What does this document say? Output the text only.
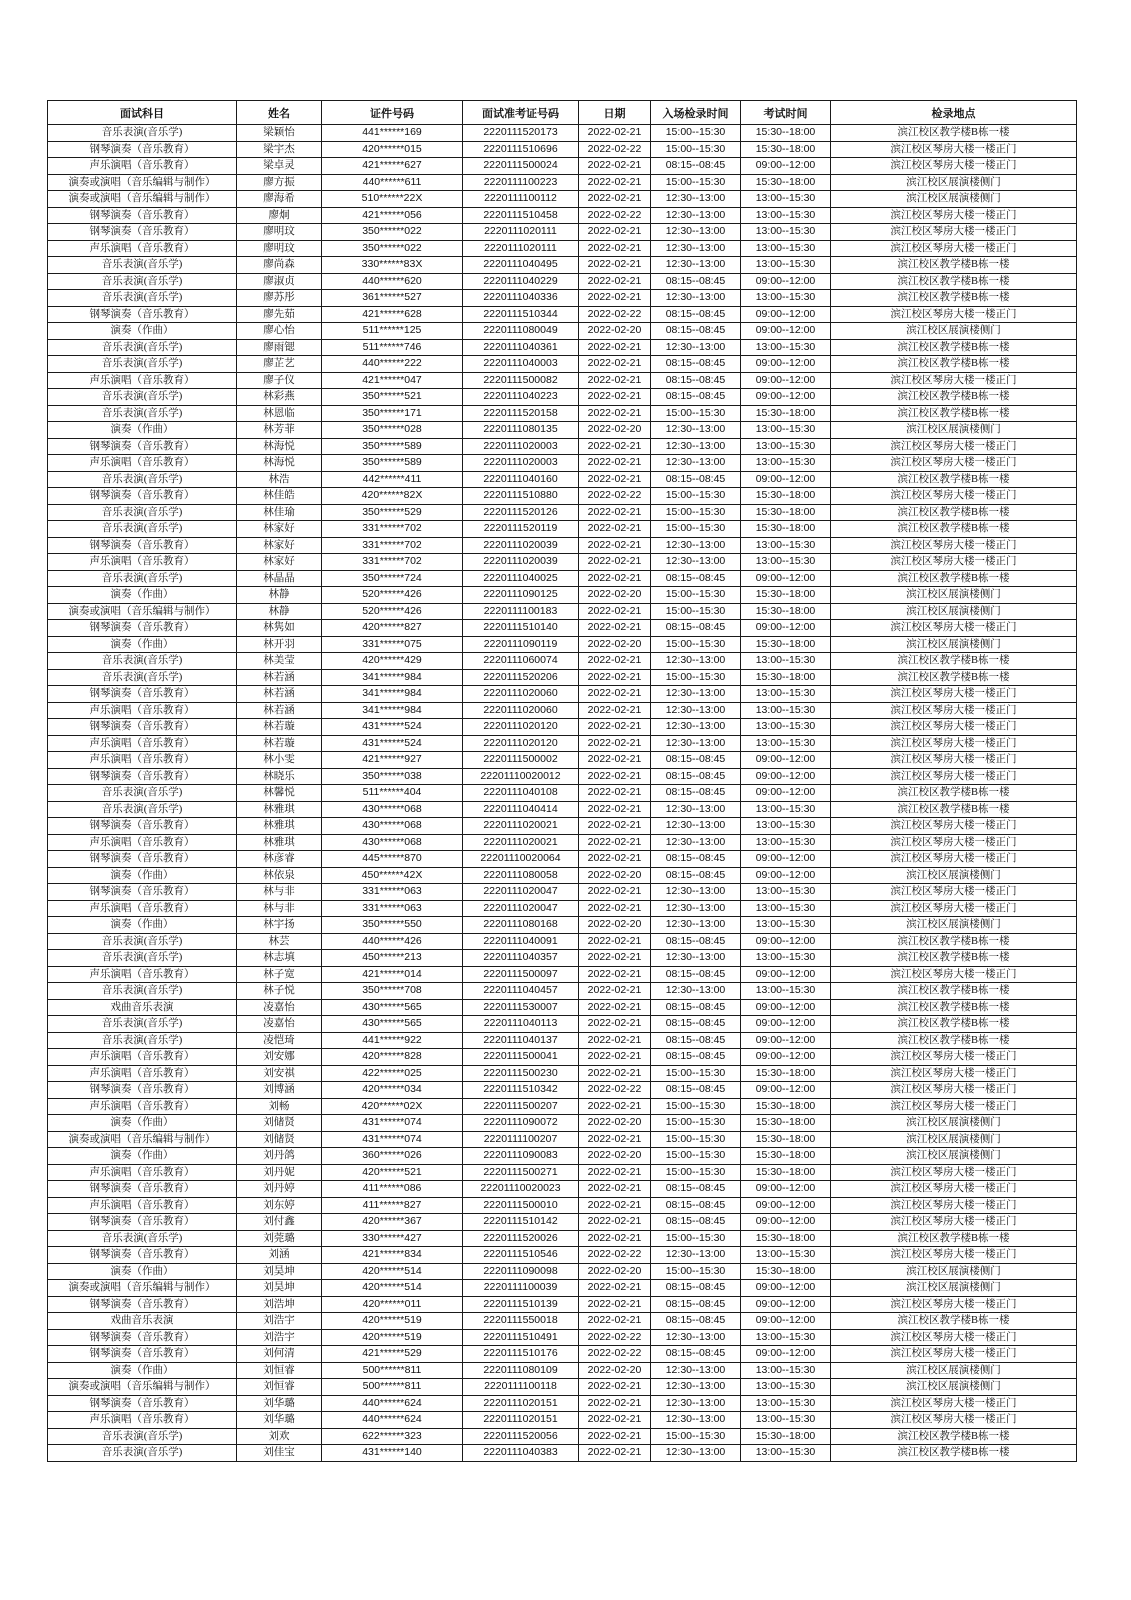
面试科目	姓名	证件号码	面试准考证号码	日期	入场检录时间	考试时间	检录地点
音乐表演(音乐学)	梁颖怡	441******169	2220111520173	2022-02-21	15:00--15:30	15:30--18:00	滨江校区教学楼B栋一楼
钢琴演奏（音乐教育）	梁宇杰	420******015	2220111510696	2022-02-22	15:00--15:30	15:30--18:00	滨江校区琴房大楼一楼正门
声乐演唱（音乐教育）	梁卓灵	421******627	2220111500024	2022-02-21	08:15--08:45	09:00--12:00	滨江校区琴房大楼一楼正门
演奏或演唱（音乐编辑与制作）	廖方振	440******611	2220111100223	2022-02-21	15:00--15:30	15:30--18:00	滨江校区展演楼侧门
演奏或演唱（音乐编辑与制作）	廖海希	510******22X	2220111100112	2022-02-21	12:30--13:00	13:00--15:30	滨江校区展演楼侧门
钢琴演奏（音乐教育）	廖炯	421******056	2220111510458	2022-02-22	12:30--13:00	13:00--15:30	滨江校区琴房大楼一楼正门
钢琴演奏（音乐教育）	廖明玟	350******022	2220111020111	2022-02-21	12:30--13:00	13:00--15:30	滨江校区琴房大楼一楼正门
声乐演唱（音乐教育）	廖明玟	350******022	2220111020111	2022-02-21	12:30--13:00	13:00--15:30	滨江校区琴房大楼一楼正门
音乐表演(音乐学)	廖尚森	330******83X	2220111040495	2022-02-21	12:30--13:00	13:00--15:30	滨江校区教学楼B栋一楼
音乐表演(音乐学)	廖淑贞	440******620	2220111040229	2022-02-21	08:15--08:45	09:00--12:00	滨江校区教学楼B栋一楼
音乐表演(音乐学)	廖苏彤	361******527	2220111040336	2022-02-21	12:30--13:00	13:00--15:30	滨江校区教学楼B栋一楼
钢琴演奏（音乐教育）	廖先茹	421******628	2220111510344	2022-02-22	08:15--08:45	09:00--12:00	滨江校区琴房大楼一楼正门
演奏（作曲）	廖心怡	511******125	2220111080049	2022-02-20	08:15--08:45	09:00--12:00	滨江校区展演楼侧门
音乐表演(音乐学)	廖雨锶	511******746	2220111040361	2022-02-21	12:30--13:00	13:00--15:30	滨江校区教学楼B栋一楼
音乐表演(音乐学)	廖芷艺	440******222	2220111040003	2022-02-21	08:15--08:45	09:00--12:00	滨江校区教学楼B栋一楼
声乐演唱（音乐教育）	廖子仪	421******047	2220111500082	2022-02-21	08:15--08:45	09:00--12:00	滨江校区琴房大楼一楼正门
音乐表演(音乐学)	林彩燕	350******521	2220111040223	2022-02-21	08:15--08:45	09:00--12:00	滨江校区教学楼B栋一楼
音乐表演(音乐学)	林恩临	350******171	2220111520158	2022-02-21	15:00--15:30	15:30--18:00	滨江校区教学楼B栋一楼
演奏（作曲）	林芳菲	350******028	2220111080135	2022-02-20	12:30--13:00	13:00--15:30	滨江校区展演楼侧门
钢琴演奏（音乐教育）	林海悦	350******589	2220111020003	2022-02-21	12:30--13:00	13:00--15:30	滨江校区琴房大楼一楼正门
声乐演唱（音乐教育）	林海悦	350******589	2220111020003	2022-02-21	12:30--13:00	13:00--15:30	滨江校区琴房大楼一楼正门
音乐表演(音乐学)	林浩	442******411	2220111040160	2022-02-21	08:15--08:45	09:00--12:00	滨江校区教学楼B栋一楼
钢琴演奏（音乐教育）	林佳皓	420******82X	2220111510880	2022-02-22	15:00--15:30	15:30--18:00	滨江校区琴房大楼一楼正门
音乐表演(音乐学)	林佳瑜	350******529	2220111520126	2022-02-21	15:00--15:30	15:30--18:00	滨江校区教学楼B栋一楼
音乐表演(音乐学)	林家好	331******702	2220111520119	2022-02-21	15:00--15:30	15:30--18:00	滨江校区教学楼B栋一楼
钢琴演奏（音乐教育）	林家好	331******702	2220111020039	2022-02-21	12:30--13:00	13:00--15:30	滨江校区琴房大楼一楼正门
声乐演唱（音乐教育）	林家好	331******702	2220111020039	2022-02-21	12:30--13:00	13:00--15:30	滨江校区琴房大楼一楼正门
音乐表演(音乐学)	林晶晶	350******724	2220111040025	2022-02-21	08:15--08:45	09:00--12:00	滨江校区教学楼B栋一楼
演奏（作曲）	林静	520******426	2220111090125	2022-02-20	15:00--15:30	15:30--18:00	滨江校区展演楼侧门
演奏或演唱（音乐编辑与制作）	林静	520******426	2220111100183	2022-02-21	15:00--15:30	15:30--18:00	滨江校区展演楼侧门
钢琴演奏（音乐教育）	林隽如	420******827	2220111510140	2022-02-21	08:15--08:45	09:00--12:00	滨江校区琴房大楼一楼正门
演奏（作曲）	林开羽	331******075	2220111090119	2022-02-20	15:00--15:30	15:30--18:00	滨江校区展演楼侧门
音乐表演(音乐学)	林美莹	420******429	2220111060074	2022-02-21	12:30--13:00	13:00--15:30	滨江校区教学楼B栋一楼
音乐表演(音乐学)	林若涵	341******984	2220111520206	2022-02-21	15:00--15:30	15:30--18:00	滨江校区教学楼B栋一楼
钢琴演奏（音乐教育）	林若涵	341******984	2220111020060	2022-02-21	12:30--13:00	13:00--15:30	滨江校区琴房大楼一楼正门
声乐演唱（音乐教育）	林若涵	341******984	2220111020060	2022-02-21	12:30--13:00	13:00--15:30	滨江校区琴房大楼一楼正门
钢琴演奏（音乐教育）	林若璇	431******524	2220111020120	2022-02-21	12:30--13:00	13:00--15:30	滨江校区琴房大楼一楼正门
声乐演唱（音乐教育）	林若璇	431******524	2220111020120	2022-02-21	12:30--13:00	13:00--15:30	滨江校区琴房大楼一楼正门
声乐演唱（音乐教育）	林小雯	421******927	2220111500002	2022-02-21	08:15--08:45	09:00--12:00	滨江校区琴房大楼一楼正门
钢琴演奏（音乐教育）	林晓乐	350******038	22201110020012	2022-02-21	08:15--08:45	09:00--12:00	滨江校区琴房大楼一楼正门
音乐表演(音乐学)	林馨悦	511******404	2220111040108	2022-02-21	08:15--08:45	09:00--12:00	滨江校区教学楼B栋一楼
音乐表演(音乐学)	林雅琪	430******068	2220111040414	2022-02-21	12:30--13:00	13:00--15:30	滨江校区教学楼B栋一楼
钢琴演奏（音乐教育）	林雅琪	430******068	2220111020021	2022-02-21	12:30--13:00	13:00--15:30	滨江校区琴房大楼一楼正门
声乐演唱（音乐教育）	林雅琪	430******068	2220111020021	2022-02-21	12:30--13:00	13:00--15:30	滨江校区琴房大楼一楼正门
钢琴演奏（音乐教育）	林彦睿	445******870	22201110020064	2022-02-21	08:15--08:45	09:00--12:00	滨江校区琴房大楼一楼正门
演奏（作曲）	林依泉	450******42X	2220111080058	2022-02-20	08:15--08:45	09:00--12:00	滨江校区展演楼侧门
钢琴演奏（音乐教育）	林与非	331******063	2220111020047	2022-02-21	12:30--13:00	13:00--15:30	滨江校区琴房大楼一楼正门
声乐演唱（音乐教育）	林与非	331******063	2220111020047	2022-02-21	12:30--13:00	13:00--15:30	滨江校区琴房大楼一楼正门
演奏（作曲）	林宇扬	350******550	2220111080168	2022-02-20	12:30--13:00	13:00--15:30	滨江校区展演楼侧门
音乐表演(音乐学)	林芸	440******426	2220111040091	2022-02-21	08:15--08:45	09:00--12:00	滨江校区教学楼B栋一楼
音乐表演(音乐学)	林志填	450******213	2220111040357	2022-02-21	12:30--13:00	13:00--15:30	滨江校区教学楼B栋一楼
声乐演唱（音乐教育）	林子宽	421******014	2220111500097	2022-02-21	08:15--08:45	09:00--12:00	滨江校区琴房大楼一楼正门
音乐表演(音乐学)	林子悦	350******708	2220111040457	2022-02-21	12:30--13:00	13:00--15:30	滨江校区教学楼B栋一楼
戏曲音乐表演	凌嘉怡	430******565	2220111530007	2022-02-21	08:15--08:45	09:00--12:00	滨江校区教学楼B栋一楼
音乐表演(音乐学)	凌嘉怡	430******565	2220111040113	2022-02-21	08:15--08:45	09:00--12:00	滨江校区教学楼B栋一楼
音乐表演(音乐学)	凌恺琦	441******922	2220111040137	2022-02-21	08:15--08:45	09:00--12:00	滨江校区教学楼B栋一楼
声乐演唱（音乐教育）	刘安娜	420******828	2220111500041	2022-02-21	08:15--08:45	09:00--12:00	滨江校区琴房大楼一楼正门
声乐演唱（音乐教育）	刘安祺	422******025	2220111500230	2022-02-21	15:00--15:30	15:30--18:00	滨江校区琴房大楼一楼正门
钢琴演奏（音乐教育）	刘博涵	420******034	2220111510342	2022-02-22	08:15--08:45	09:00--12:00	滨江校区琴房大楼一楼正门
声乐演唱（音乐教育）	刘畅	420******02X	2220111500207	2022-02-21	15:00--15:30	15:30--18:00	滨江校区琴房大楼一楼正门
演奏（作曲）	刘储贤	431******074	2220111090072	2022-02-20	15:00--15:30	15:30--18:00	滨江校区展演楼侧门
演奏或演唱（音乐编辑与制作）	刘储贤	431******074	2220111100207	2022-02-21	15:00--15:30	15:30--18:00	滨江校区展演楼侧门
演奏（作曲）	刘丹鸽	360******026	2220111090083	2022-02-20	15:00--15:30	15:30--18:00	滨江校区展演楼侧门
声乐演唱（音乐教育）	刘丹妮	420******521	2220111500271	2022-02-21	15:00--15:30	15:30--18:00	滨江校区琴房大楼一楼正门
钢琴演奏（音乐教育）	刘丹婷	411******086	22201110020023	2022-02-21	08:15--08:45	09:00--12:00	滨江校区琴房大楼一楼正门
声乐演唱（音乐教育）	刘东婷	411******827	2220111500010	2022-02-21	08:15--08:45	09:00--12:00	滨江校区琴房大楼一楼正门
钢琴演奏（音乐教育）	刘付鑫	420******367	2220111510142	2022-02-21	08:15--08:45	09:00--12:00	滨江校区琴房大楼一楼正门
音乐表演(音乐学)	刘莞璐	330******427	2220111520026	2022-02-21	15:00--15:30	15:30--18:00	滨江校区教学楼B栋一楼
钢琴演奏（音乐教育）	刘涵	421******834	2220111510546	2022-02-22	12:30--13:00	13:00--15:30	滨江校区琴房大楼一楼正门
演奏（作曲）	刘昊坤	420******514	2220111090098	2022-02-20	15:00--15:30	15:30--18:00	滨江校区展演楼侧门
演奏或演唱（音乐编辑与制作）	刘昊坤	420******514	2220111100039	2022-02-21	08:15--08:45	09:00--12:00	滨江校区展演楼侧门
钢琴演奏（音乐教育）	刘浩坤	420******011	2220111510139	2022-02-21	08:15--08:45	09:00--12:00	滨江校区琴房大楼一楼正门
戏曲音乐表演	刘浩宇	420******519	2220111550018	2022-02-21	08:15--08:45	09:00--12:00	滨江校区教学楼B栋一楼
钢琴演奏（音乐教育）	刘浩宇	420******519	2220111510491	2022-02-22	12:30--13:00	13:00--15:30	滨江校区琴房大楼一楼正门
钢琴演奏（音乐教育）	刘何清	421******529	2220111510176	2022-02-22	08:15--08:45	09:00--12:00	滨江校区琴房大楼一楼正门
演奏（作曲）	刘恒睿	500******811	2220111080109	2022-02-20	12:30--13:00	13:00--15:30	滨江校区展演楼侧门
演奏或演唱（音乐编辑与制作）	刘恒睿	500******811	2220111100118	2022-02-21	12:30--13:00	13:00--15:30	滨江校区展演楼侧门
钢琴演奏（音乐教育）	刘华璐	440******624	2220111020151	2022-02-21	12:30--13:00	13:00--15:30	滨江校区琴房大楼一楼正门
声乐演唱（音乐教育）	刘华璐	440******624	2220111020151	2022-02-21	12:30--13:00	13:00--15:30	滨江校区琴房大楼一楼正门
音乐表演(音乐学)	刘欢	622******323	2220111520056	2022-02-21	15:00--15:30	15:30--18:00	滨江校区教学楼B栋一楼
音乐表演(音乐学)	刘佳宝	431******140	2220111040383	2022-02-21	12:30--13:00	13:00--15:30	滨江校区教学楼B栋一楼
